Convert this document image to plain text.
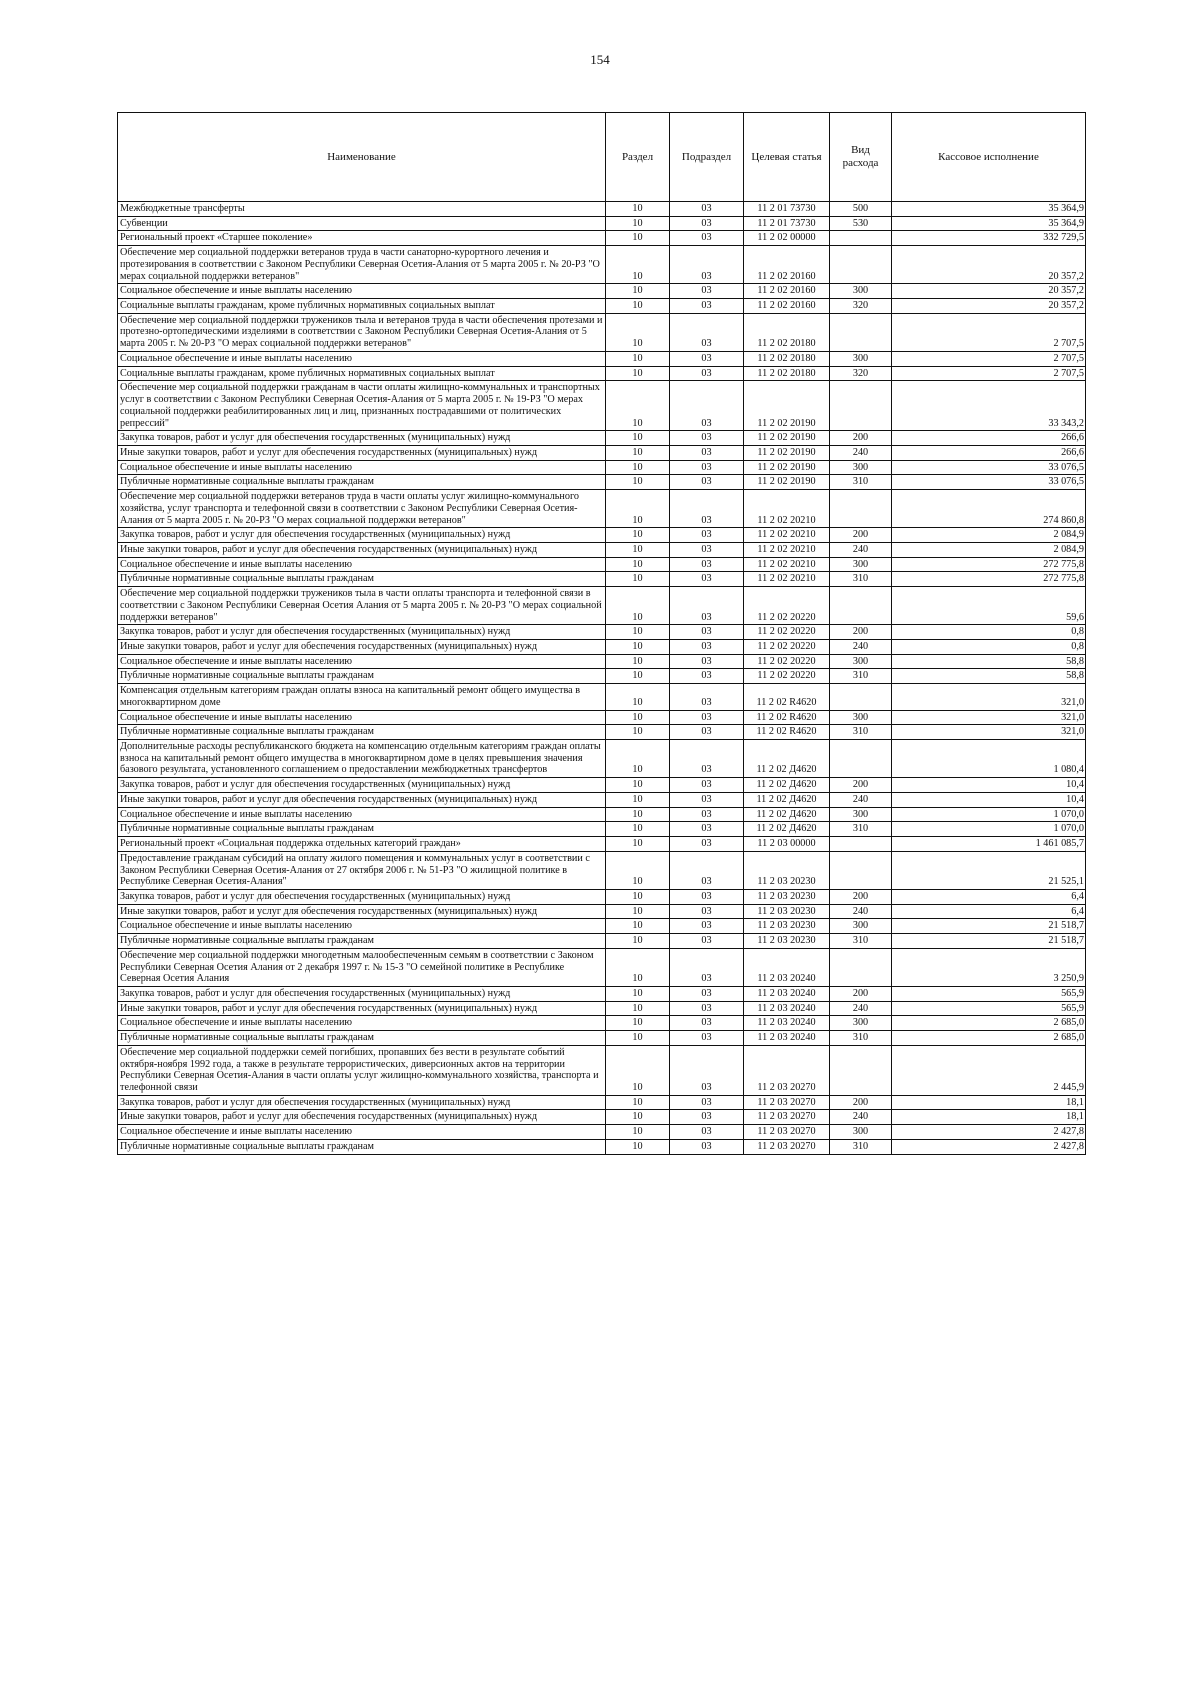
154
Наименование	Раздел	Подраздел	Целевая статья	Вид расхода	Кассовое исполнение
Межбюджетные трансферты	10	03	11 2 01 73730	500	35 364,9
Субвенции	10	03	11 2 01 73730	530	35 364,9
Региональный проект «Старшее поколение»	10	03	11 2 02 00000		332 729,5
Обеспечение мер социальной поддержки ветеранов труда в части санаторно-курортного лечения и протезирования в соответствии с Законом Республики Северная Осетия-Алания от 5 марта 2005 г. № 20-РЗ "О мерах социальной поддержки ветеранов"	10	03	11 2 02 20160		20 357,2
Социальное обеспечение и иные выплаты населению	10	03	11 2 02 20160	300	20 357,2
Социальные выплаты гражданам, кроме публичных нормативных социальных выплат	10	03	11 2 02 20160	320	20 357,2
Обеспечение мер социальной поддержки тружеников тыла и ветеранов труда в части обеспечения протезами и протезно-ортопедическими изделиями в соответствии с Законом Республики Северная Осетия-Алания от 5 марта 2005 г. № 20-РЗ "О мерах социальной поддержки ветеранов"	10	03	11 2 02 20180		2 707,5
Социальное обеспечение и иные выплаты населению	10	03	11 2 02 20180	300	2 707,5
Социальные выплаты гражданам, кроме публичных нормативных социальных выплат	10	03	11 2 02 20180	320	2 707,5
Обеспечение мер социальной поддержки гражданам в части оплаты жилищно-коммунальных и транспортных услуг в соответствии с Законом Республики Северная Осетия-Алания от 5 марта 2005 г. № 19-РЗ "О мерах социальной поддержки реабилитированных лиц и лиц, признанных пострадавшими от политических репрессий"	10	03	11 2 02 20190		33 343,2
Закупка товаров, работ и услуг для обеспечения государственных (муниципальных) нужд	10	03	11 2 02 20190	200	266,6
Иные закупки товаров, работ и услуг для обеспечения государственных (муниципальных) нужд	10	03	11 2 02 20190	240	266,6
Социальное обеспечение и иные выплаты населению	10	03	11 2 02 20190	300	33 076,5
Публичные нормативные социальные выплаты гражданам	10	03	11 2 02 20190	310	33 076,5
Обеспечение мер социальной поддержки ветеранов труда в части оплаты услуг жилищно-коммунального хозяйства, услуг транспорта и телефонной связи в соответствии с Законом Республики Северная Осетия-Алания от 5 марта 2005 г. № 20-РЗ "О мерах социальной поддержки ветеранов"	10	03	11 2 02 20210		274 860,8
Закупка товаров, работ и услуг для обеспечения государственных (муниципальных) нужд	10	03	11 2 02 20210	200	2 084,9
Иные закупки товаров, работ и услуг для обеспечения государственных (муниципальных) нужд	10	03	11 2 02 20210	240	2 084,9
Социальное обеспечение и иные выплаты населению	10	03	11 2 02 20210	300	272 775,8
Публичные нормативные социальные выплаты гражданам	10	03	11 2 02 20210	310	272 775,8
Обеспечение мер социальной поддержки тружеников тыла в части оплаты транспорта и телефонной связи в соответствии с Законом Республики Северная Осетия Алания от 5 марта 2005 г. № 20-РЗ "О мерах социальной поддержки ветеранов"	10	03	11 2 02 20220		59,6
Закупка товаров, работ и услуг для обеспечения государственных (муниципальных) нужд	10	03	11 2 02 20220	200	0,8
Иные закупки товаров, работ и услуг для обеспечения государственных (муниципальных) нужд	10	03	11 2 02 20220	240	0,8
Социальное обеспечение и иные выплаты населению	10	03	11 2 02 20220	300	58,8
Публичные нормативные социальные выплаты гражданам	10	03	11 2 02 20220	310	58,8
Компенсация отдельным категориям граждан оплаты взноса на капитальный ремонт общего имущества в многоквартирном доме	10	03	11 2 02 R4620		321,0
Социальное обеспечение и иные выплаты населению	10	03	11 2 02 R4620	300	321,0
Публичные нормативные социальные выплаты гражданам	10	03	11 2 02 R4620	310	321,0
Дополнительные расходы республиканского бюджета на компенсацию отдельным категориям граждан оплаты взноса на капитальный ремонт общего имущества в многоквартирном доме в целях превышения значения базового результата, установленного соглашением о предоставлении межбюджетных трансфертов	10	03	11 2 02 Д4620		1 080,4
Закупка товаров, работ и услуг для обеспечения государственных (муниципальных) нужд	10	03	11 2 02 Д4620	200	10,4
Иные закупки товаров, работ и услуг для обеспечения государственных (муниципальных) нужд	10	03	11 2 02 Д4620	240	10,4
Социальное обеспечение и иные выплаты населению	10	03	11 2 02 Д4620	300	1 070,0
Публичные нормативные социальные выплаты гражданам	10	03	11 2 02 Д4620	310	1 070,0
Региональный проект «Социальная поддержка отдельных категорий граждан»	10	03	11 2 03 00000		1 461 085,7
Предоставление гражданам субсидий на оплату жилого помещения и коммунальных услуг в соответствии с Законом Республики Северная Осетия-Алания от 27 октября 2006 г. № 51-РЗ "О жилищной политике в Республике Северная Осетия-Алания"	10	03	11 2 03 20230		21 525,1
Закупка товаров, работ и услуг для обеспечения государственных (муниципальных) нужд	10	03	11 2 03 20230	200	6,4
Иные закупки товаров, работ и услуг для обеспечения государственных (муниципальных) нужд	10	03	11 2 03 20230	240	6,4
Социальное обеспечение и иные выплаты населению	10	03	11 2 03 20230	300	21 518,7
Публичные нормативные социальные выплаты гражданам	10	03	11 2 03 20230	310	21 518,7
Обеспечение мер социальной поддержки многодетным малообеспеченным семьям в соответствии с Законом Республики Северная Осетия Алания от 2 декабря 1997 г. № 15-3 "О семейной политике в Республике Северная Осетия Алания	10	03	11 2 03 20240		3 250,9
Закупка товаров, работ и услуг для обеспечения государственных (муниципальных) нужд	10	03	11 2 03 20240	200	565,9
Иные закупки товаров, работ и услуг для обеспечения государственных (муниципальных) нужд	10	03	11 2 03 20240	240	565,9
Социальное обеспечение и иные выплаты населению	10	03	11 2 03 20240	300	2 685,0
Публичные нормативные социальные выплаты гражданам	10	03	11 2 03 20240	310	2 685,0
Обеспечение мер социальной поддержки семей погибших, пропавших без вести в результате событий октября-ноября 1992 года, а также в результате террористических, диверсионных актов на территории Республики Северная Осетия-Алания в части оплаты услуг жилищно-коммунального хозяйства, транспорта и телефонной связи	10	03	11 2 03 20270		2 445,9
Закупка товаров, работ и услуг для обеспечения государственных (муниципальных) нужд	10	03	11 2 03 20270	200	18,1
Иные закупки товаров, работ и услуг для обеспечения государственных (муниципальных) нужд	10	03	11 2 03 20270	240	18,1
Социальное обеспечение и иные выплаты населению	10	03	11 2 03 20270	300	2 427,8
Публичные нормативные социальные выплаты гражданам	10	03	11 2 03 20270	310	2 427,8
